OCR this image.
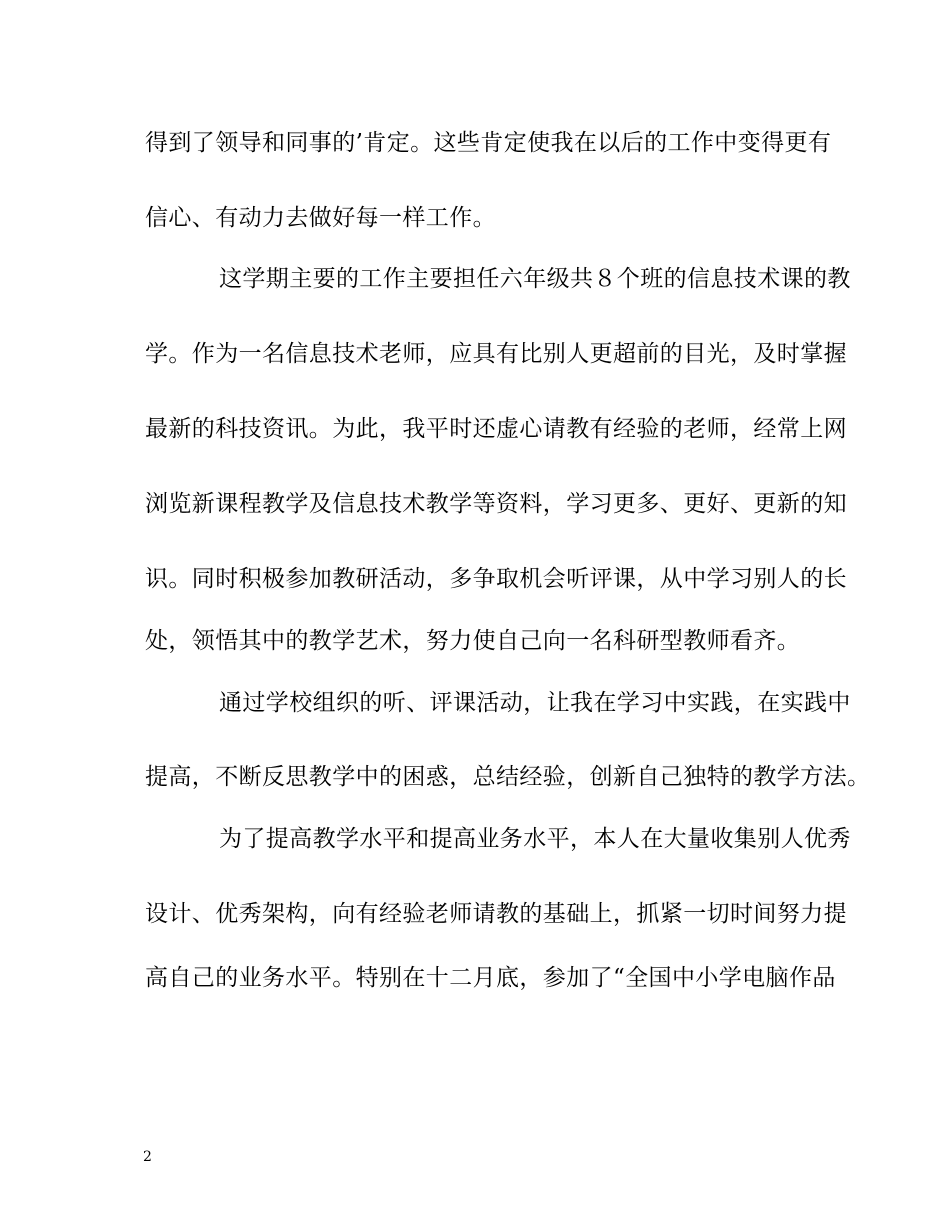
得到了领导和同事的’肯定。这些肯定使我在以后的工作中变得更有
信心、有动力去做好每一样工作。
这学期主要的工作主要担任六年级共８个班的信息技术课的教
学。作为一名信息技术老师，应具有比别人更超前的目光，及时掌握
最新的科技资讯。为此，我平时还虚心请教有经验的老师，经常上网
浏览新课程教学及信息技术教学等资料，学习更多、更好、更新的知
识。同时积极参加教研活动，多争取机会听评课，从中学习别人的长
处，领悟其中的教学艺术，努力使自己向一名科研型教师看齐。
通过学校组织的听、评课活动，让我在学习中实践，在实践中
提高，不断反思教学中的困惑，总结经验，创新自己独特的教学方法。
为了提高教学水平和提高业务水平，本人在大量收集别人优秀
设计、优秀架构，向有经验老师请教的基础上，抓紧一切时间努力提
高自己的业务水平。特别在十二月底，参加了“全国中小学电脑作品
2
